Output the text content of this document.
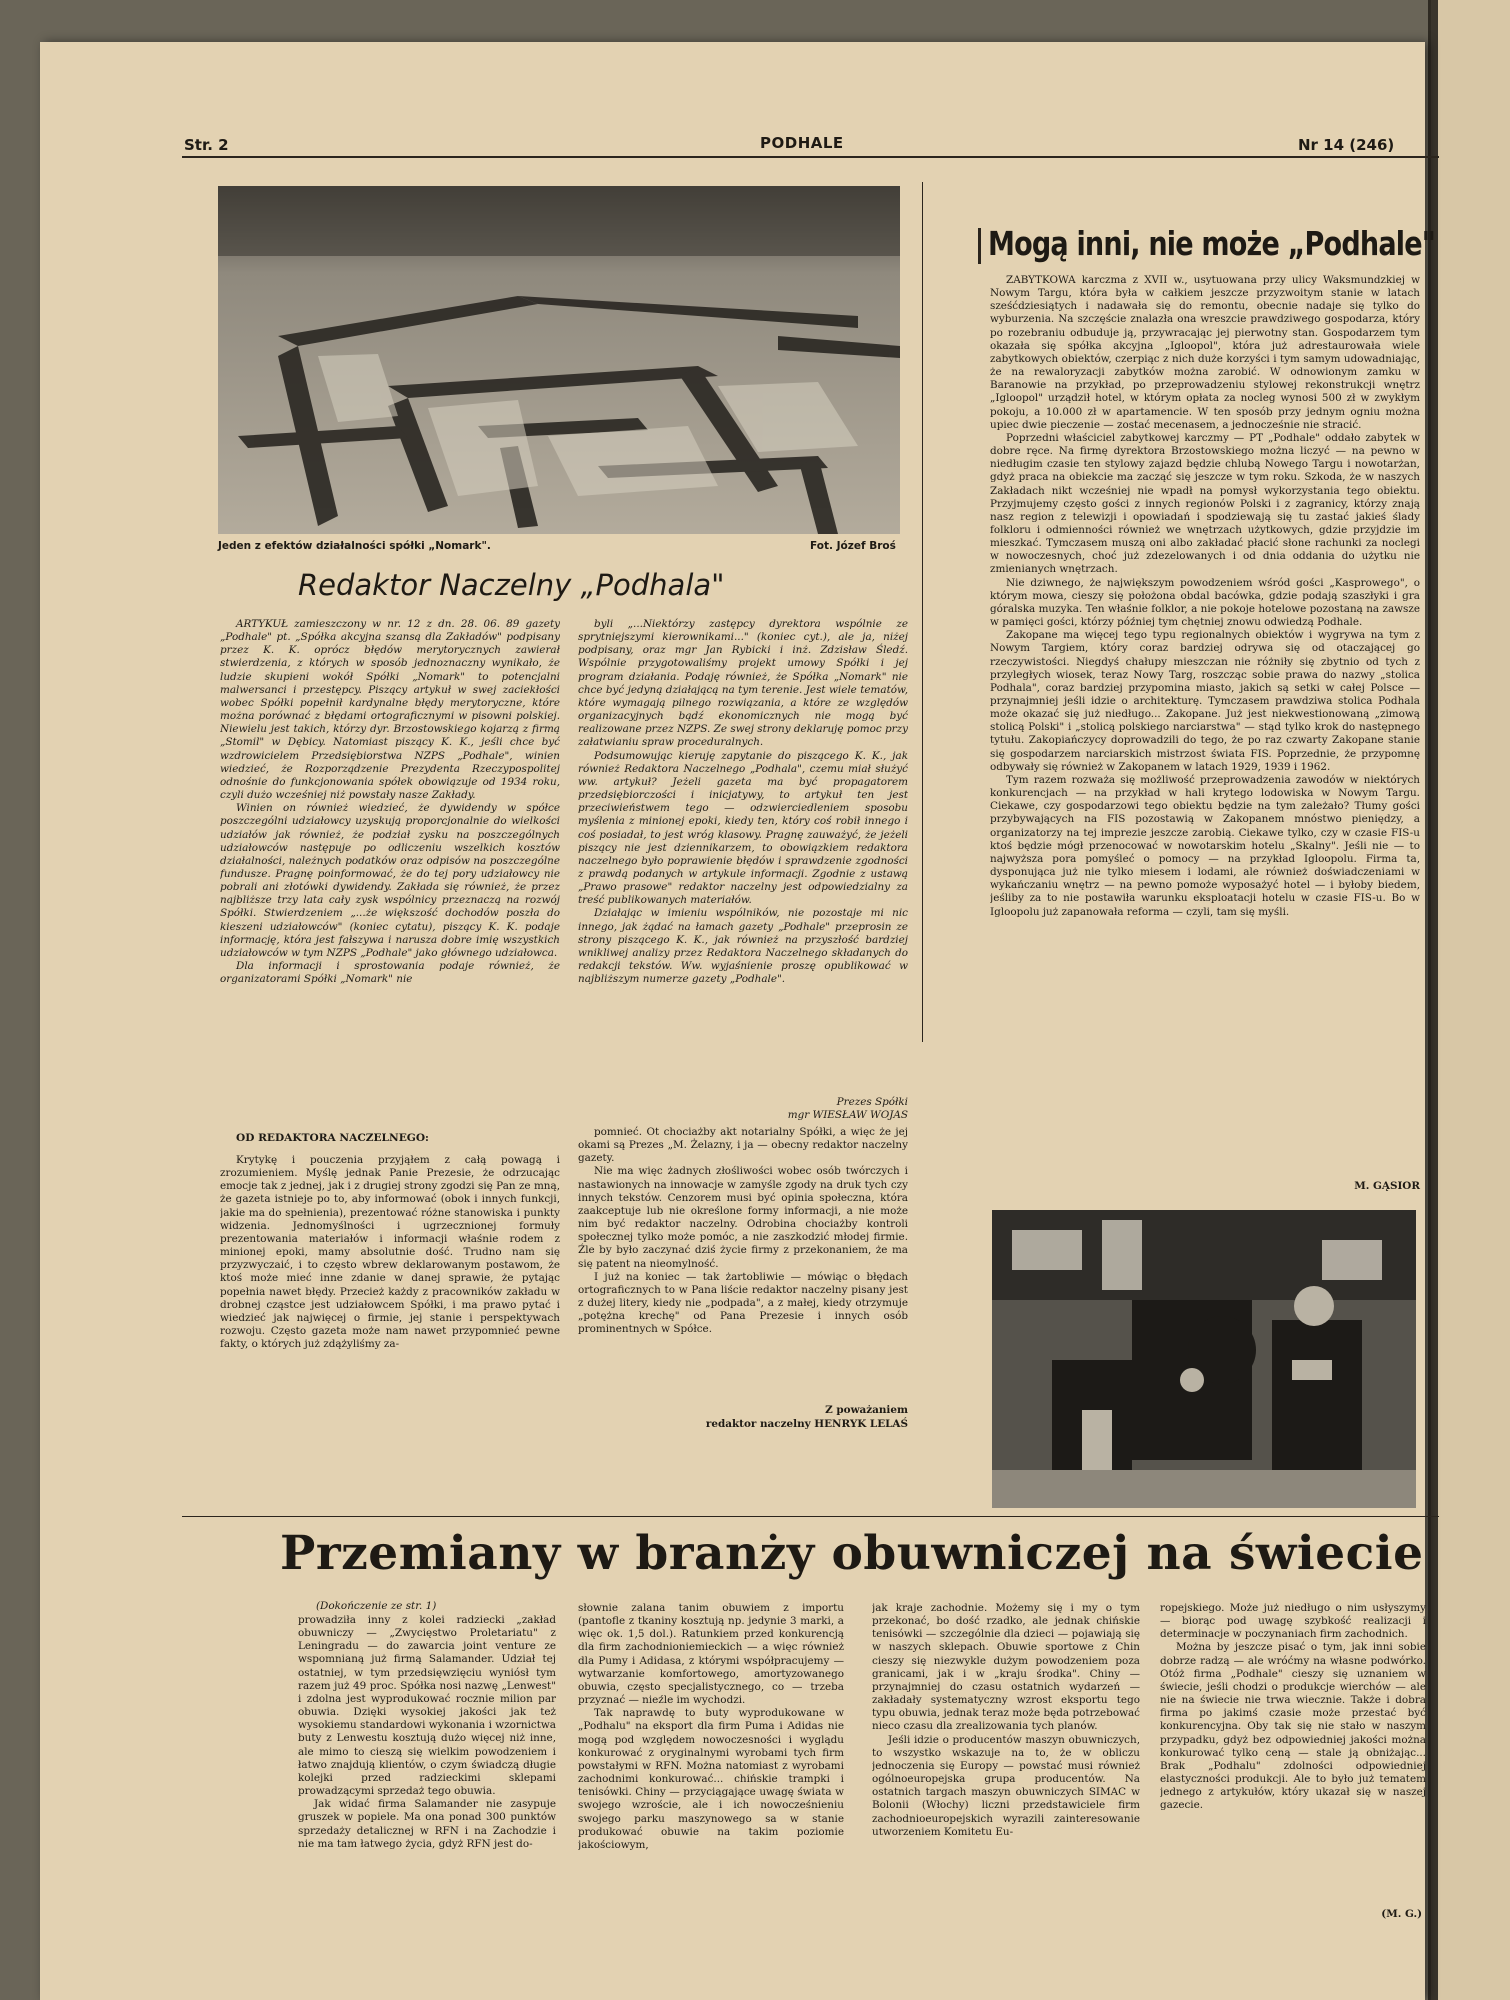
Str. 2	PODHALE	Nr 14 (246)
Jeden z efektów działalności spółki „Nomark".	Fot. Józef Broś
Redaktor Naczelny „Podhala"

ARTYKUŁ zamieszczony w nr. 12 z dn. 28. 06. 89 gazety „Podhale" pt. „Spółka akcyjna szansą dla Zakładów" podpisany przez K. K. oprócz błędów merytorycznych zawierał stwierdzenia, z których w sposób jednoznaczny wynikało, że ludzie skupieni wokół Spółki „Nomark" to potencjalni malwersanci i przestępcy. Piszący artykuł w swej zaciekłości wobec Spółki popełnił kardynalne błędy merytoryczne, które można porównać z błędami ortograficznymi w pisowni polskiej. Niewielu jest takich, którzy dyr. Brzostowskiego kojarzą z firmą „Stomil" w Dębicy. Natomiast piszący K. K., jeśli chce być wzdrowicielem Przedsiębiorstwa NZPS „Podhale", winien wiedzieć, że Rozporządzenie Prezydenta Rzeczypospolitej odnośnie do funkcjonowania spółek obowiązuje od 1934 roku, czyli dużo wcześniej niż powstały nasze Zakłady.

Winien on również wiedzieć, że dywidendy w spółce poszczególni udziałowcy uzyskują proporcjonalnie do wielkości udziałów jak również, że podział zysku na poszczególnych udziałowców następuje po odliczeniu wszelkich kosztów działalności, należnych podatków oraz odpisów na poszczególne fundusze. Pragnę poinformować, że do tej pory udziałowcy nie pobrali ani złotówki dywidendy. Zakłada się również, że przez najbliższe trzy lata cały zysk wspólnicy przeznaczą na rozwój Spółki. Stwierdzeniem „...że większość dochodów poszła do kieszeni udziałowców" (koniec cytatu), piszący K. K. podaje informację, która jest fałszywa i narusza dobre imię wszystkich udziałowców w tym NZPS „Podhale" jako głównego udziałowca.

Dla informacji i sprostowania podaje również, że organizatorami Spółki „Nomark" nie

byli „...Niektórzy zastępcy dyrektora wspólnie ze sprytniejszymi kierownikami..." (koniec cyt.), ale ja, niżej podpisany, oraz mgr Jan Rybicki i inż. Zdzisław Śledź. Wspólnie przygotowaliśmy projekt umowy Spółki i jej program działania. Podaję również, że Spółka „Nomark" nie chce być jedyną działającą na tym terenie. Jest wiele tematów, które wymagają pilnego rozwiązania, a które ze względów organizacyjnych bądź ekonomicznych nie mogą być realizowane przez NZPS. Ze swej strony deklaruję pomoc przy załatwianiu spraw proceduralnych.

Podsumowując kieruję zapytanie do piszącego K. K., jak również Redaktora Naczelnego „Podhala", czemu miał służyć ww. artykuł? Jeżeli gazeta ma być propagatorem przedsiębiorczości i inicjatywy, to artykuł ten jest przeciwieństwem tego — odzwierciedleniem sposobu myślenia z minionej epoki, kiedy ten, który coś robił innego i coś posiadał, to jest wróg klasowy. Pragnę zauważyć, że jeżeli piszący nie jest dziennikarzem, to obowiązkiem redaktora naczelnego było poprawienie błędów i sprawdzenie zgodności z prawdą podanych w artykule informacji. Zgodnie z ustawą „Prawo prasowe" redaktor naczelny jest odpowiedzialny za treść publikowanych materiałów.

Działając w imieniu wspólników, nie pozostaje mi nic innego, jak żądać na łamach gazety „Podhale" przeprosin ze strony piszącego K. K., jak również na przyszłość bardziej wnikliwej analizy przez Redaktora Naczelnego składanych do redakcji tekstów. Ww. wyjaśnienie proszę opublikować w najbliższym numerze gazety „Podhale".

Prezes Spółki
mgr WIESŁAW WOJAS
OD REDAKTORA NACZELNEGO:

Krytykę i pouczenia przyjąłem z całą powagą i zrozumieniem. Myślę jednak Panie Prezesie, że odrzucając emocje tak z jednej, jak i z drugiej strony zgodzi się Pan ze mną, że gazeta istnieje po to, aby informować (obok i innych funkcji, jakie ma do spełnienia), prezentować różne stanowiska i punkty widzenia. Jednomyślności i ugrzecznionej formuły prezentowania materiałów i informacji właśnie rodem z minionej epoki, mamy absolutnie dość. Trudno nam się przyzwyczaić, i to często wbrew deklarowanym postawom, że ktoś może mieć inne zdanie w danej sprawie, że pytając popełnia nawet błędy. Przecież każdy z pracowników zakładu w drobnej cząstce jest udziałowcem Spółki, i ma prawo pytać i wiedzieć jak najwięcej o firmie, jej stanie i perspektywach rozwoju. Często gazeta może nam nawet przypomnieć pewne fakty, o których już zdążyliśmy za-

pomnieć. Ot chociażby akt notarialny Spółki, a więc że jej okami są Prezes „M. Żelazny, i ja — obecny redaktor naczelny gazety.

Nie ma więc żadnych złośliwości wobec osób twórczych i nastawionych na innowacje w zamyśle zgody na druk tych czy innych tekstów. Cenzorem musi być opinia społeczna, która zaakceptuje lub nie określone formy informacji, a nie może nim być redaktor naczelny. Odrobina chociażby kontroli społecznej tylko może pomóc, a nie zaszkodzić młodej firmie. Źle by było zaczynać dziś życie firmy z przekonaniem, że ma się patent na nieomylność.

I już na koniec — tak żartobliwie — mówiąc o błędach ortograficznych to w Pana liście redaktor naczelny pisany jest z dużej litery, kiedy nie „podpada", a z małej, kiedy otrzymuje „potężna krechę" od Pana Prezesie i innych osób prominentnych w Spółce.

Z poważaniem
redaktor naczelny HENRYK LELAŚ
Mogą inni, nie może „Podhale"

ZABYTKOWA karczma z XVII w., usytuowana przy ulicy Waksmundzkiej w Nowym Targu, która była w całkiem jeszcze przyzwoitym stanie w latach sześćdziesiątych i nadawała się do remontu, obecnie nadaje się tylko do wyburzenia. Na szczęście znalazła ona wreszcie prawdziwego gospodarza, który po rozebraniu odbuduje ją, przywracając jej pierwotny stan. Gospodarzem tym okazała się spółka akcyjna „Igloopol", która już adrestaurowała wiele zabytkowych obiektów, czerpiąc z nich duże korzyści i tym samym udowadniając, że na rewaloryzacji zabytków można zarobić. W odnowionym zamku w Baranowie na przykład, po przeprowadzeniu stylowej rekonstrukcji wnętrz „Igloopol" urządził hotel, w którym opłata za nocleg wynosi 500 zł w zwykłym pokoju, a 10.000 zł w apartamencie. W ten sposób przy jednym ogniu można upiec dwie pieczenie — zostać mecenasem, a jednocześnie nie stracić.

Poprzedni właściciel zabytkowej karczmy — PT „Podhale" oddało zabytek w dobre ręce. Na firmę dyrektora Brzostowskiego można liczyć — na pewno w niedługim czasie ten stylowy zajazd będzie chlubą Nowego Targu i nowotarżan, gdyż praca na obiekcie ma zacząć się jeszcze w tym roku. Szkoda, że w naszych Zakładach nikt wcześniej nie wpadł na pomysł wykorzystania tego obiektu. Przyjmujemy często gości z innych regionów Polski i z zagranicy, którzy znają nasz region z telewizji i opowiadań i spodziewają się tu zastać jakieś ślady folkloru i odmienności również we wnętrzach użytkowych, gdzie przyjdzie im mieszkać. Tymczasem muszą oni albo zakładać płacić słone rachunki za noclegi w nowoczesnych, choć już zdezelowanych i od dnia oddania do użytku nie zmienianych wnętrzach.

Nie dziwnego, że największym powodzeniem wśród gości „Kasprowego", o którym mowa, cieszy się położona obdal bacówka, gdzie podają szaszłyki i gra góralska muzyka. Ten właśnie folklor, a nie pokoje hotelowe pozostaną na zawsze w pamięci gości, którzy później tym chętniej znowu odwiedzą Podhale.

Zakopane ma więcej tego typu regionalnych obiektów i wygrywa na tym z Nowym Targiem, który coraz bardziej odrywa się od otaczającej go rzeczywistości. Niegdyś chałupy mieszczan nie różniły się zbytnio od tych z przyległych wiosek, teraz Nowy Targ, roszcząc sobie prawa do nazwy „stolica Podhala", coraz bardziej przypomina miasto, jakich są setki w całej Polsce — przynajmniej jeśli idzie o architekturę. Tymczasem prawdziwa stolica Podhala może okazać się już niedługo... Zakopane. Już jest niekwestionowaną „zimową stolicą Polski" i „stolicą polskiego narciarstwa" — stąd tylko krok do następnego tytułu. Zakopiańczycy doprowadzili do tego, że po raz czwarty Zakopane stanie się gospodarzem narciarskich mistrzost świata FIS. Poprzednie, że przypomnę odbywały się również w Zakopanem w latach 1929, 1939 i 1962.

Tym razem rozważa się możliwość przeprowadzenia zawodów w niektórych konkurencjach — na przykład w hali krytego lodowiska w Nowym Targu. Ciekawe, czy gospodarzowi tego obiektu będzie na tym zależało? Tłumy gości przybywających na FIS pozostawią w Zakopanem mnóstwo pieniędzy, a organizatorzy na tej imprezie jeszcze zarobią. Ciekawe tylko, czy w czasie FIS-u ktoś będzie mógł przenocować w nowotarskim hotelu „Skalny". Jeśli nie — to najwyższa pora pomyśleć o pomocy — na przykład Igloopolu. Firma ta, dysponująca już nie tylko miesem i lodami, ale również doświadczeniami w wykańczaniu wnętrz — na pewno pomoże wyposażyć hotel — i byłoby biedem, jeśliby za to nie postawiła warunku eksploatacji hotelu w czasie FIS-u. Bo w Igloopolu już zapanowała reforma — czyli, tam się myśli.

M. GĄSIOR
Przemiany w branży obuwniczej na świecie
(Dokończenie ze str. 1)

prowadziła inny z kolei radziecki „zakład obuwniczy — „Zwycięstwo Proletariatu" z Leningradu — do zawarcia joint venture ze wspomnianą już firmą Salamander. Udział tej ostatniej, w tym przedsięwzięciu wyniósł tym razem już 49 proc. Spółka nosi nazwę „Lenwest" i zdolna jest wyprodukować rocznie milion par obuwia. Dzięki wysokiej jakości jak też wysokiemu standardowi wykonania i wzornictwa buty z Lenwestu kosztują dużo więcej niż inne, ale mimo to cieszą się wielkim powodzeniem i łatwo znajdują klientów, o czym świadczą długie kolejki przed radzieckimi sklepami prowadzącymi sprzedaż tego obuwia.

Jak widać firma Salamander nie zasypuje gruszek w popiele. Ma ona ponad 300 punktów sprzedaży detalicznej w RFN i na Zachodzie i nie ma tam łatwego życia, gdyż RFN jest do-

słownie zalana tanim obuwiem z importu (pantofle z tkaniny kosztują np. jedynie 3 marki, a więc ok. 1,5 dol.). Ratunkiem przed konkurencją dla firm zachodnioniemieckich — a więc również dla Pumy i Adidasa, z którymi współpracujemy — wytwarzanie komfortowego, amortyzowanego obuwia, często specjalistycznego, co — trzeba przyznać — nieźle im wychodzi.

Tak naprawdę to buty wyprodukowane w „Podhalu" na eksport dla firm Puma i Adidas nie mogą pod względem nowoczesności i wyglądu konkurować z oryginalnymi wyrobami tych firm powstałymi w RFN. Można natomiast z wyrobami zachodnimi konkurować... chińskie trampki i tenisówki. Chiny — przyciągające uwagę świata w swojego wzroście, ale i ich nowocześnieniu swojego parku maszynowego sa w stanie produkować obuwie na takim poziomie jakościowym,

jak kraje zachodnie. Możemy się i my o tym przekonać, bo dość rzadko, ale jednak chińskie tenisówki — szczególnie dla dzieci — pojawiają się w naszych sklepach. Obuwie sportowe z Chin cieszy się niezwykle dużym powodzeniem poza granicami, jak i w „kraju środka". Chiny — przynajmniej do czasu ostatnich wydarzeń — zakładały systematyczny wzrost eksportu tego typu obuwia, jednak teraz może będa potrzebować nieco czasu dla zrealizowania tych planów.

Jeśli idzie o producentów maszyn obuwniczych, to wszystko wskazuje na to, że w obliczu jednoczenia się Europy — powstać musi również ogólnoeuropejska grupa producentów. Na ostatnich targach maszyn obuwniczych SIMAC w Bolonii (Włochy) liczni przedstawiciele firm zachodnioeuropejskich wyrazili zainteresowanie utworzeniem Komitetu Eu-

ropejskiego. Może już niedługo o nim usłyszymy — biorąc pod uwagę szybkość realizacji i determinacje w poczynaniach firm zachodnich.

Można by jeszcze pisać o tym, jak inni sobie dobrze radzą — ale wróćmy na własne podwórko. Otóż firma „Podhale" cieszy się uznaniem w świecie, jeśli chodzi o produkcje wierchów — ale nie na świecie nie trwa wiecznie. Także i dobra firma po jakimś czasie może przestać być konkurencyjna. Oby tak się nie stało w naszym przypadku, gdyż bez odpowiedniej jakości można konkurować tylko ceną — stale ją obniżając... Brak „Podhalu" zdolności odpowiedniej elastyczności produkcji. Ale to było już tematem jednego z artykułów, który ukazał się w naszej gazecie.

(M. G.)
